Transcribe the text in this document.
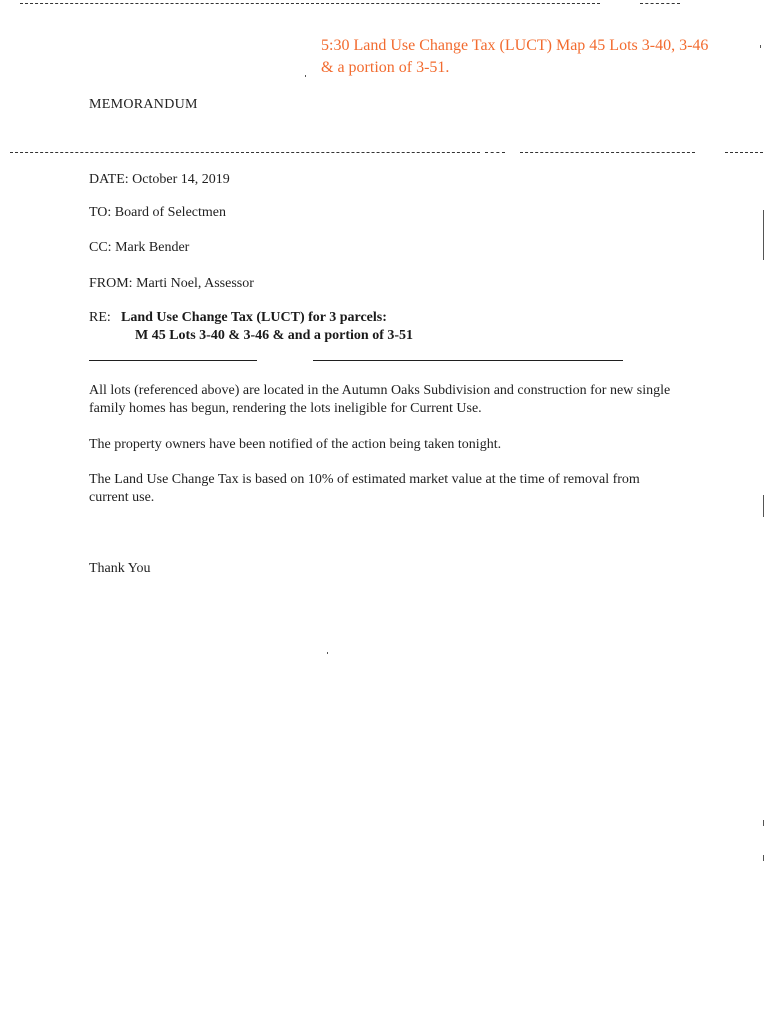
5:30 Land Use Change Tax (LUCT) Map 45 Lots 3-40, 3-46
& a portion of 3-51.
MEMORANDUM
DATE: October 14, 2019
TO: Board of Selectmen
CC: Mark Bender
FROM: Marti Noel, Assessor
RE: Land Use Change Tax (LUCT) for 3 parcels:
M 45 Lots 3-40 & 3-46 & and a portion of 3-51
All lots (referenced above) are located in the Autumn Oaks Subdivision and construction for new single family homes has begun, rendering the lots ineligible for Current Use.
The property owners have been notified of the action being taken tonight.
The Land Use Change Tax is based on 10% of estimated market value at the time of removal from current use.
Thank You
